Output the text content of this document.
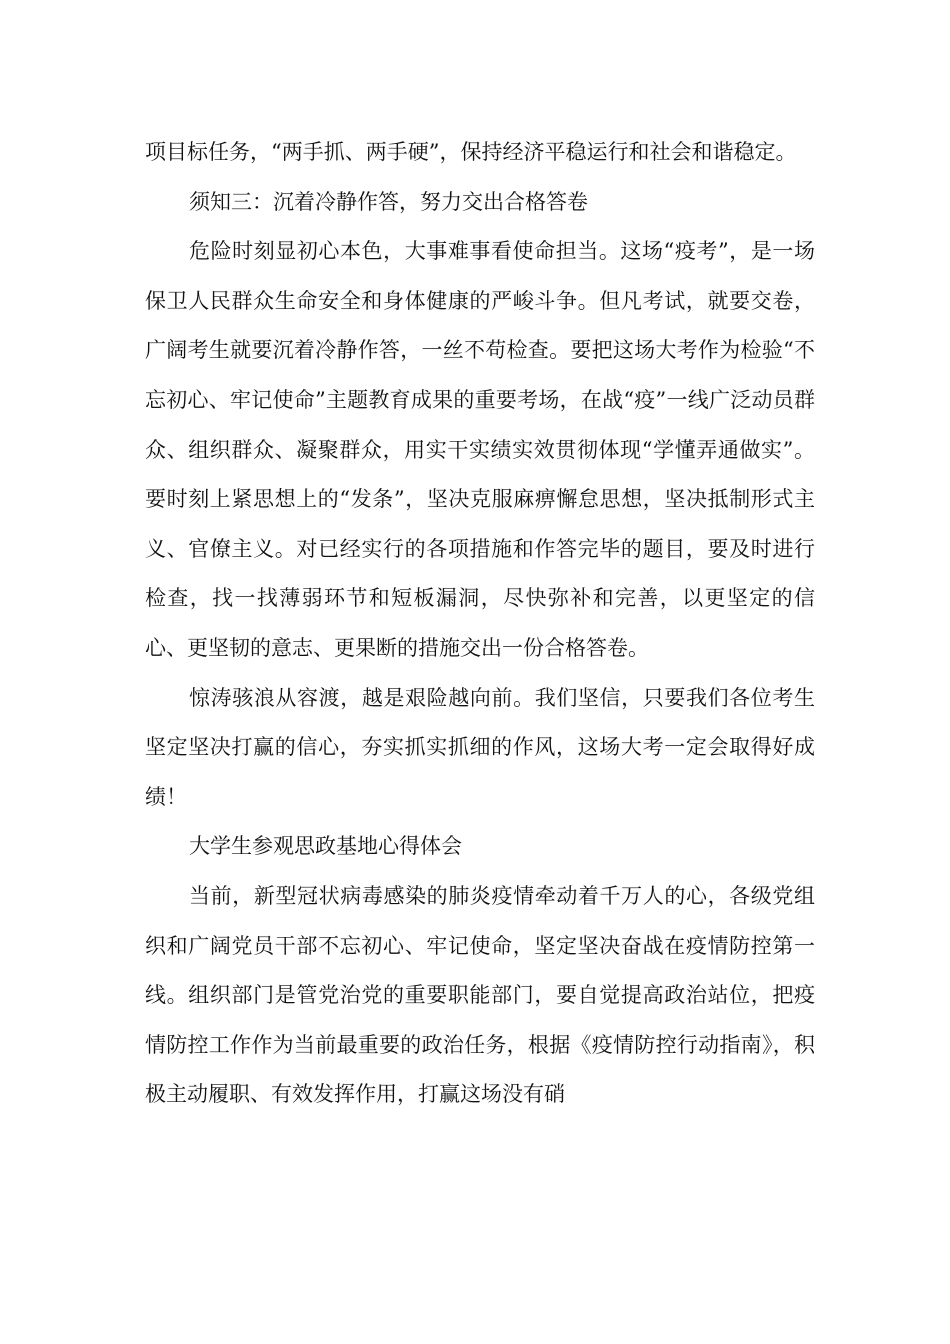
项目标任务，“两手抓、两手硬”，保持经济平稳运行和社会和谐稳定。

须知三：沉着冷静作答，努力交出合格答卷

危险时刻显初心本色，大事难事看使命担当。这场“疫考”，是一场保卫人民群众生命安全和身体健康的严峻斗争。但凡考试，就要交卷，广阔考生就要沉着冷静作答，一丝不苟检查。要把这场大考作为检验“不忘初心、牢记使命”主题教育成果的重要考场，在战“疫”一线广泛动员群众、组织群众、凝聚群众，用实干实绩实效贯彻体现“学懂弄通做实”。要时刻上紧思想上的“发条”，坚决克服麻痹懈怠思想，坚决抵制形式主义、官僚主义。对已经实行的各项措施和作答完毕的题目，要及时进行检查，找一找薄弱环节和短板漏洞，尽快弥补和完善，以更坚定的信心、更坚韧的意志、更果断的措施交出一份合格答卷。

惊涛骇浪从容渡，越是艰险越向前。我们坚信，只要我们各位考生坚定坚决打赢的信心，夯实抓实抓细的作风，这场大考一定会取得好成绩！

大学生参观思政基地心得体会

当前，新型冠状病毒感染的肺炎疫情牵动着千万人的心，各级党组织和广阔党员干部不忘初心、牢记使命，坚定坚决奋战在疫情防控第一线。组织部门是管党治党的重要职能部门，要自觉提高政治站位，把疫情防控工作作为当前最重要的政治任务，根据《疫情防控行动指南》，积极主动履职、有效发挥作用，打赢这场没有硝
